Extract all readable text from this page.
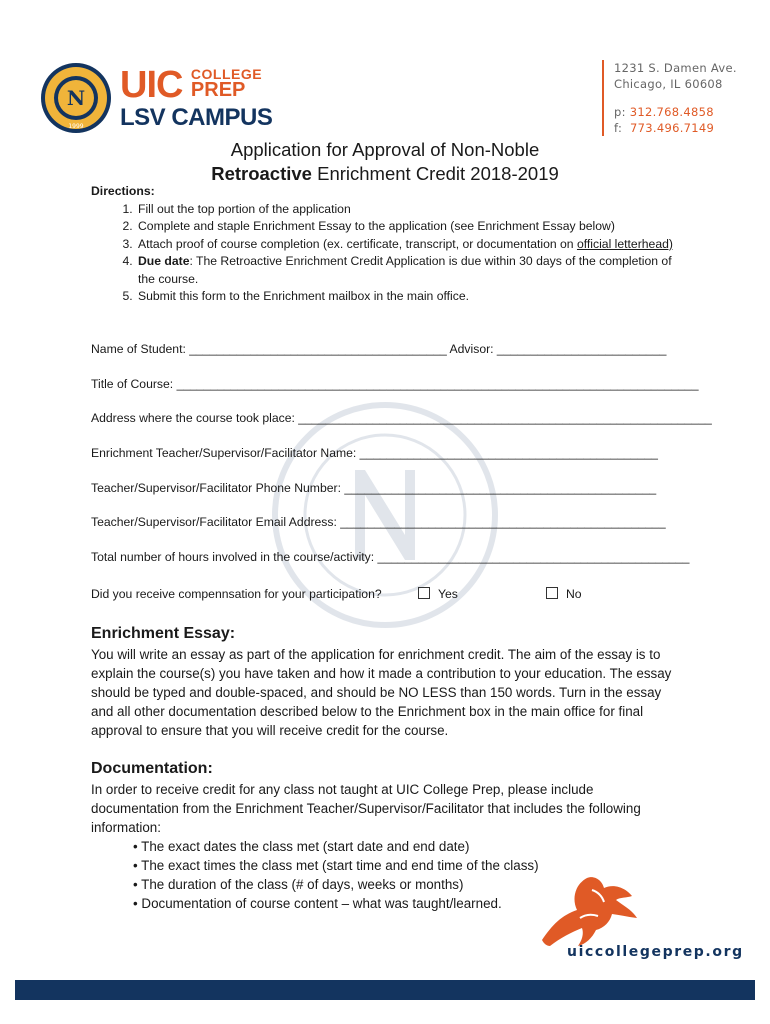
N
1999
UIC COLLEGE
PREP
LSV CAMPUS
1231 S. Damen Ave.
Chicago, IL 60608
p: 312.768.4858
f: 773.496.7149
Application for Approval of Non-Noble
Retroactive Enrichment Credit 2018-2019
Directions:
1. Fill out the top portion of the application
2. Complete and staple Enrichment Essay to the application (see Enrichment Essay below)
3. Attach proof of course completion (ex. certificate, transcript, or documentation on official letterhead)
4. Due date: The Retroactive Enrichment Credit Application is due within 30 days of the completion of the course.
5. Submit this form to the Enrichment mailbox in the main office.
Name of Student: ______________________________________ Advisor: _________________________
Title of Course: _____________________________________________________________________________
Address where the course took place: _____________________________________________________________
Enrichment Teacher/Supervisor/Facilitator Name: ____________________________________________
Teacher/Supervisor/Facilitator Phone Number: ______________________________________________
Teacher/Supervisor/Facilitator Email Address: ________________________________________________
Total number of hours involved in the course/activity: ______________________________________________
Did you receive compennsation for your participation?	Yes	No
Enrichment Essay:
You will write an essay as part of the application for enrichment credit. The aim of the essay is to explain the course(s) you have taken and how it made a contribution to your education. The essay should be typed and double-spaced, and should be NO LESS than 150 words. Turn in the essay and all other documentation described below to the Enrichment box in the main office for final approval to ensure that you will receive credit for the course.
Documentation:
In order to receive credit for any class not taught at UIC College Prep, please include documentation from the Enrichment Teacher/Supervisor/Facilitator that includes the following information:
• The exact dates the class met (start date and end date)
• The exact times the class met (start time and end time of the class)
• The duration of the class (# of days, weeks or months)
• Documentation of course content – what was taught/learned.
uiccollegeprep.org
